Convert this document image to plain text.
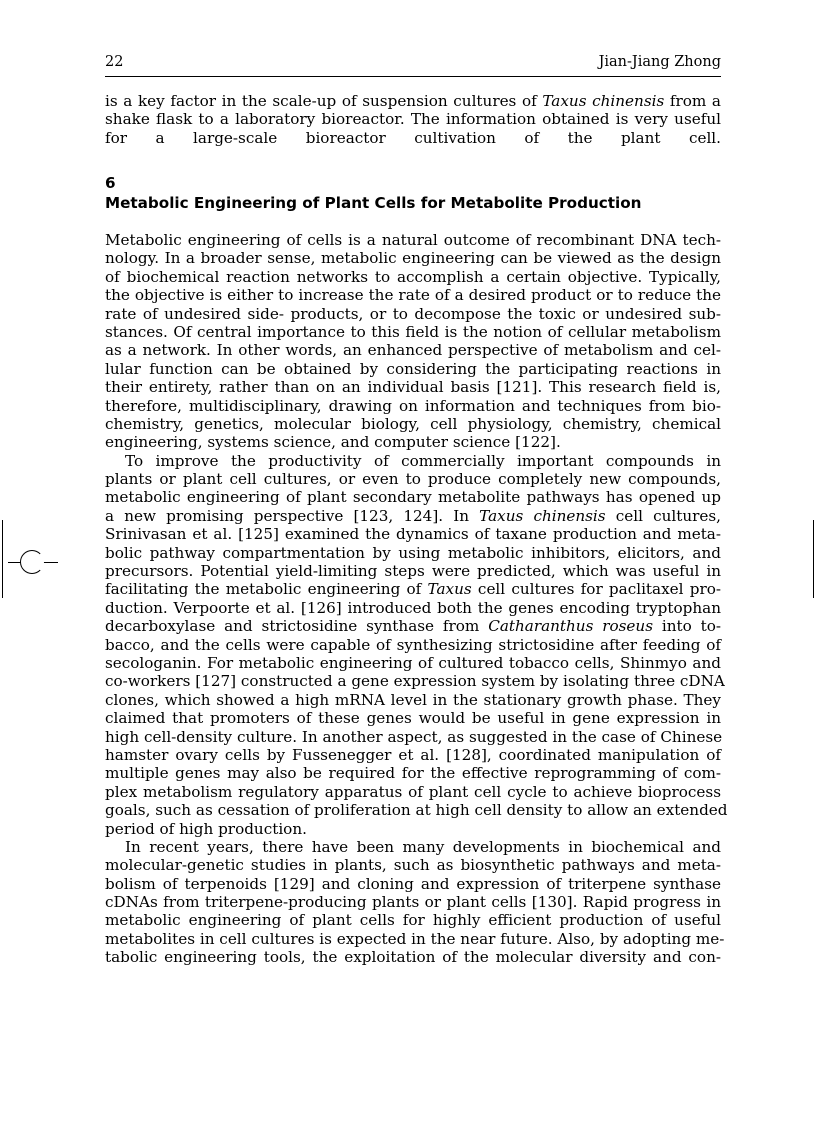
22	Jian-Jiang Zhong
is a key factor in the scale-up of suspension cultures of Taxus chinensis from a
shake flask to a laboratory bioreactor. The information obtained is very useful
for a large-scale bioreactor cultivation of the plant cell.
6
Metabolic Engineering of Plant Cells for Metabolite Production
Metabolic engineering of cells is a natural outcome of recombinant DNA tech-
nology. In a broader sense, metabolic engineering can be viewed as the design
of biochemical reaction networks to accomplish a certain objective. Typically,
the objective is either to increase the rate of a desired product or to reduce the
rate of undesired side- products, or to decompose the toxic or undesired sub-
stances. Of central importance to this field is the notion of cellular metabolism
as a network. In other words, an enhanced perspective of metabolism and cel-
lular function can be obtained by considering the participating reactions in
their entirety, rather than on an individual basis [121]. This research field is,
therefore, multidisciplinary, drawing on information and techniques from bio-
chemistry, genetics, molecular biology, cell physiology, chemistry, chemical
engineering, systems science, and computer science [122].
To improve the productivity of commercially important compounds in
plants or plant cell cultures, or even to produce completely new compounds,
metabolic engineering of plant secondary metabolite pathways has opened up
a new promising perspective [123, 124]. In Taxus chinensis cell cultures,
Srinivasan et al. [125] examined the dynamics of taxane production and meta-
bolic pathway compartmentation by using metabolic inhibitors, elicitors, and
precursors. Potential yield-limiting steps were predicted, which was useful in
facilitating the metabolic engineering of Taxus cell cultures for paclitaxel pro-
duction. Verpoorte et al. [126] introduced both the genes encoding tryptophan
decarboxylase and strictosidine synthase from Catharanthus roseus into to-
bacco, and the cells were capable of synthesizing strictosidine after feeding of
secologanin. For metabolic engineering of cultured tobacco cells, Shinmyo and
co-workers [127] constructed a gene expression system by isolating three cDNA
clones, which showed a high mRNA level in the stationary growth phase. They
claimed that promoters of these genes would be useful in gene expression in
high cell-density culture. In another aspect, as suggested in the case of Chinese
hamster ovary cells by Fussenegger et al. [128], coordinated manipulation of
multiple genes may also be required for the effective reprogramming of com-
plex metabolism regulatory apparatus of plant cell cycle to achieve bioprocess
goals, such as cessation of proliferation at high cell density to allow an extended
period of high production.
In recent years, there have been many developments in biochemical and
molecular-genetic studies in plants, such as biosynthetic pathways and meta-
bolism of terpenoids [129] and cloning and expression of triterpene synthase
cDNAs from triterpene-producing plants or plant cells [130]. Rapid progress in
metabolic engineering of plant cells for highly efficient production of useful
metabolites in cell cultures is expected in the near future. Also, by adopting me-
tabolic engineering tools, the exploitation of the molecular diversity and con-
